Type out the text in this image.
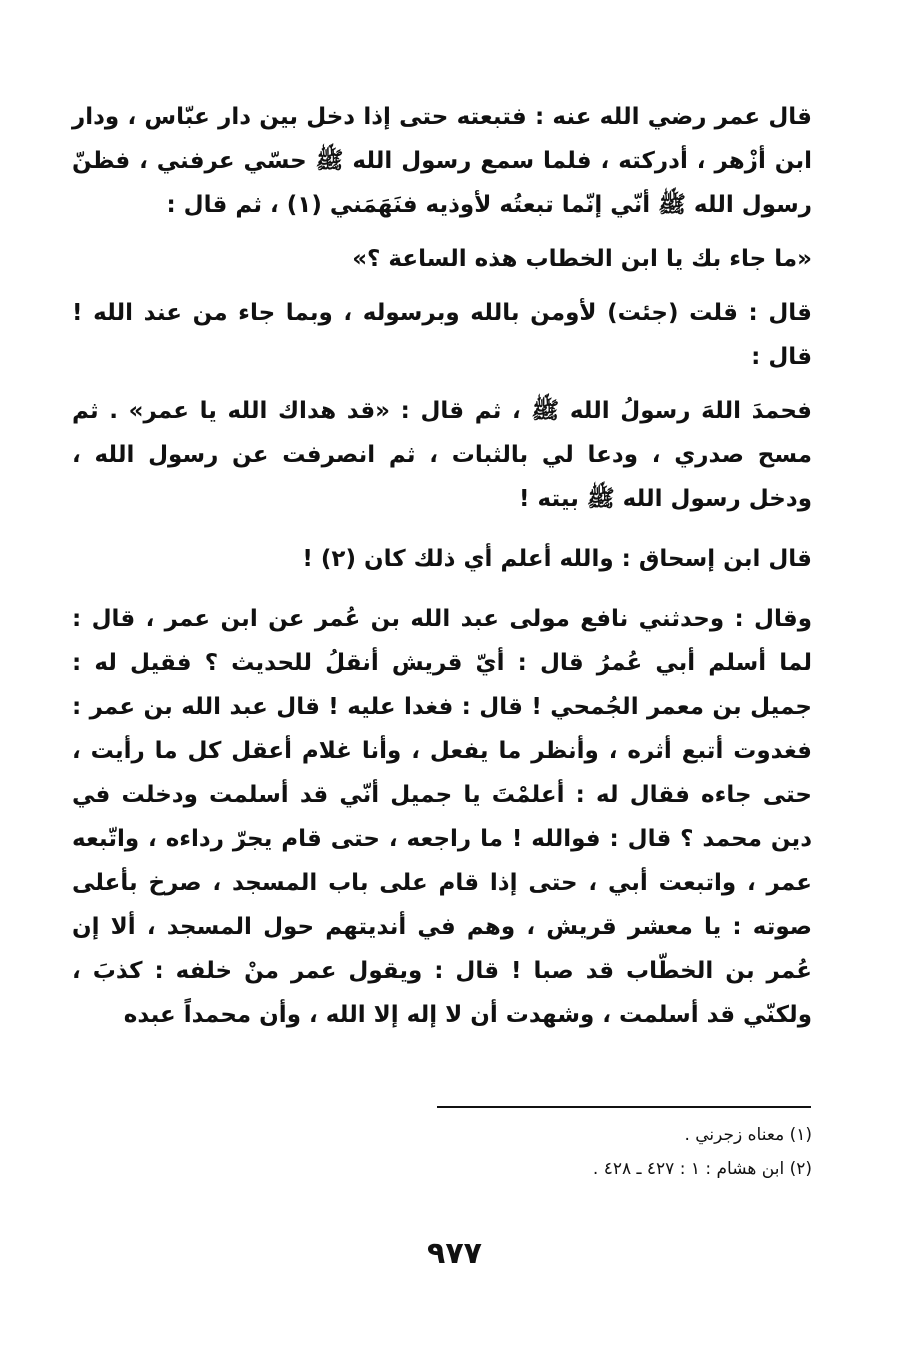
قال عمر رضي الله عنه : فتبعته حتى إذا دخل بين دار عبّاس ، ودار ابن أزْهر ، أدركته ، فلما سمع رسول الله ﷺ حسّي عرفني ، فظنّ رسول الله ﷺ أنّي إنّما تبعتُه لأوذيه فنَهَمَني (١) ، ثم قال :

«ما جاء بك يا ابن الخطاب هذه الساعة ؟»

قال : قلت (جئت) لأومن بالله وبرسوله ، وبما جاء من عند الله ! قال :

فحمدَ اللهَ رسولُ الله ﷺ ، ثم قال : «قد هداك الله يا عمر» . ثم مسح صدري ، ودعا لي بالثبات ، ثم انصرفت عن رسول الله ، ودخل رسول الله ﷺ بيته !

قال ابن إسحاق : والله أعلم أي ذلك كان (٢) !

وقال : وحدثني نافع مولى عبد الله بن عُمر عن ابن عمر ، قال : لما أسلم أبي عُمرُ قال : أيّ قريش أنقلُ للحديث ؟ فقيل له : جميل بن معمر الجُمحي ! قال : فغدا عليه ! قال عبد الله بن عمر : فغدوت أتبع أثره ، وأنظر ما يفعل ، وأنا غلام أعقل كل ما رأيت ، حتى جاءه فقال له : أعلمْتَ يا جميل أنّي قد أسلمت ودخلت في دين محمد ؟ قال : فوالله ! ما راجعه ، حتى قام يجرّ رداءه ، واتّبعه عمر ، واتبعت أبي ، حتى إذا قام على باب المسجد ، صرخ بأعلى صوته : يا معشر قريش ، وهم في أنديتهم حول المسجد ، ألا إن عُمر بن الخطّاب قد صبا ! قال : ويقول عمر منْ خلفه : كذبَ ، ولكنّي قد أسلمت ، وشهدت أن لا إله إلا الله ، وأن محمداً عبده

(١) معناه زجرني .

(٢) ابن هشام : ١ : ٤٢٧ ـ ٤٢٨ .

٩٧٧
